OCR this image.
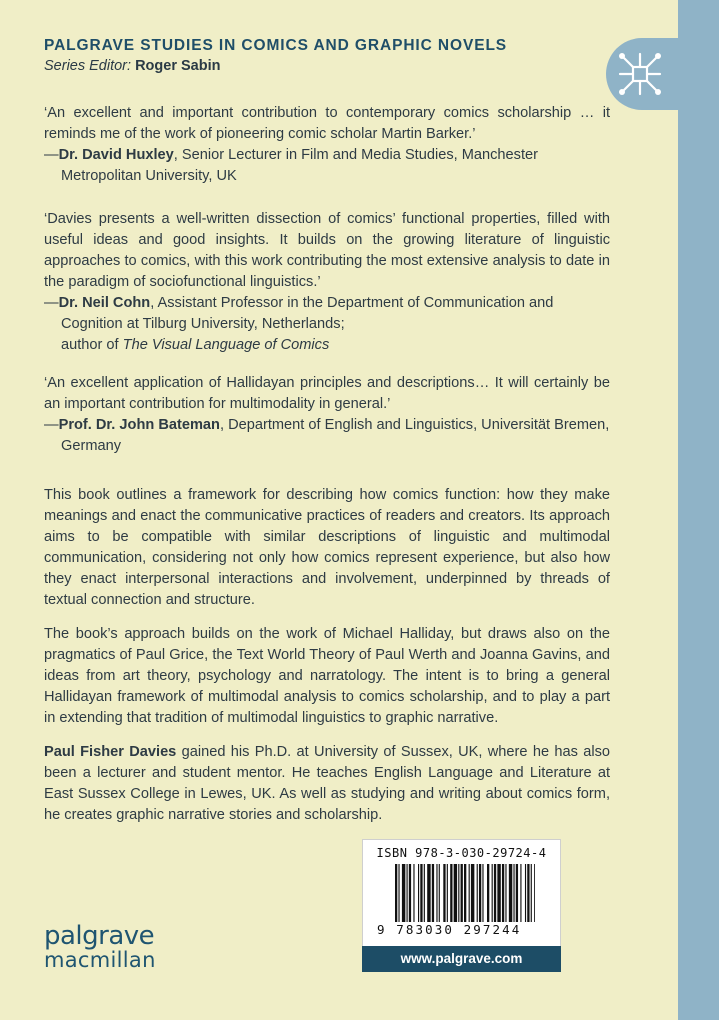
PALGRAVE STUDIES IN COMICS AND GRAPHIC NOVELS
Series Editor: Roger Sabin

‘An excellent and important contribution to contemporary comics scholarship … it reminds me of the work of pioneering comic scholar Martin Barker.’

—Dr. David Huxley, Senior Lecturer in Film and Media Studies, Manchester Metropolitan University, UK

‘Davies presents a well-written dissection of comics’ functional properties, filled with useful ideas and good insights. It builds on the growing literature of linguistic approaches to comics, with this work contributing the most extensive analysis to date in the paradigm of sociofunctional linguistics.’

—Dr. Neil Cohn, Assistant Professor in the Department of Communication and Cognition at Tilburg University, Netherlands;
author of The Visual Language of Comics

‘An excellent application of Hallidayan principles and descriptions… It will certainly be an important contribution for multimodality in general.’

—Prof. Dr. John Bateman, Department of English and Linguistics, Universität Bremen, Germany

This book outlines a framework for describing how comics function: how they make meanings and enact the communicative practices of readers and creators. Its approach aims to be compatible with similar descriptions of linguistic and multimodal communication, considering not only how comics represent experience, but also how they enact interpersonal interactions and involvement, underpinned by threads of textual connection and structure.

The book’s approach builds on the work of Michael Halliday, but draws also on the pragmatics of Paul Grice, the Text World Theory of Paul Werth and Joanna Gavins, and ideas from art theory, psychology and narratology. The intent is to bring a general Hallidayan framework of multimodal analysis to comics scholarship, and to play a part in extending that tradition of multimodal linguistics to graphic narrative.

Paul Fisher Davies gained his Ph.D. at University of Sussex, UK, where he has also been a lecturer and student mentor. He teaches English Language and Literature at East Sussex College in Lewes, UK. As well as studying and writing about comics form, he creates graphic narrative stories and scholarship.

ISBN 978-3-030-29724-4
9 783030 297244
www.palgrave.com
palgrave
macmillan
